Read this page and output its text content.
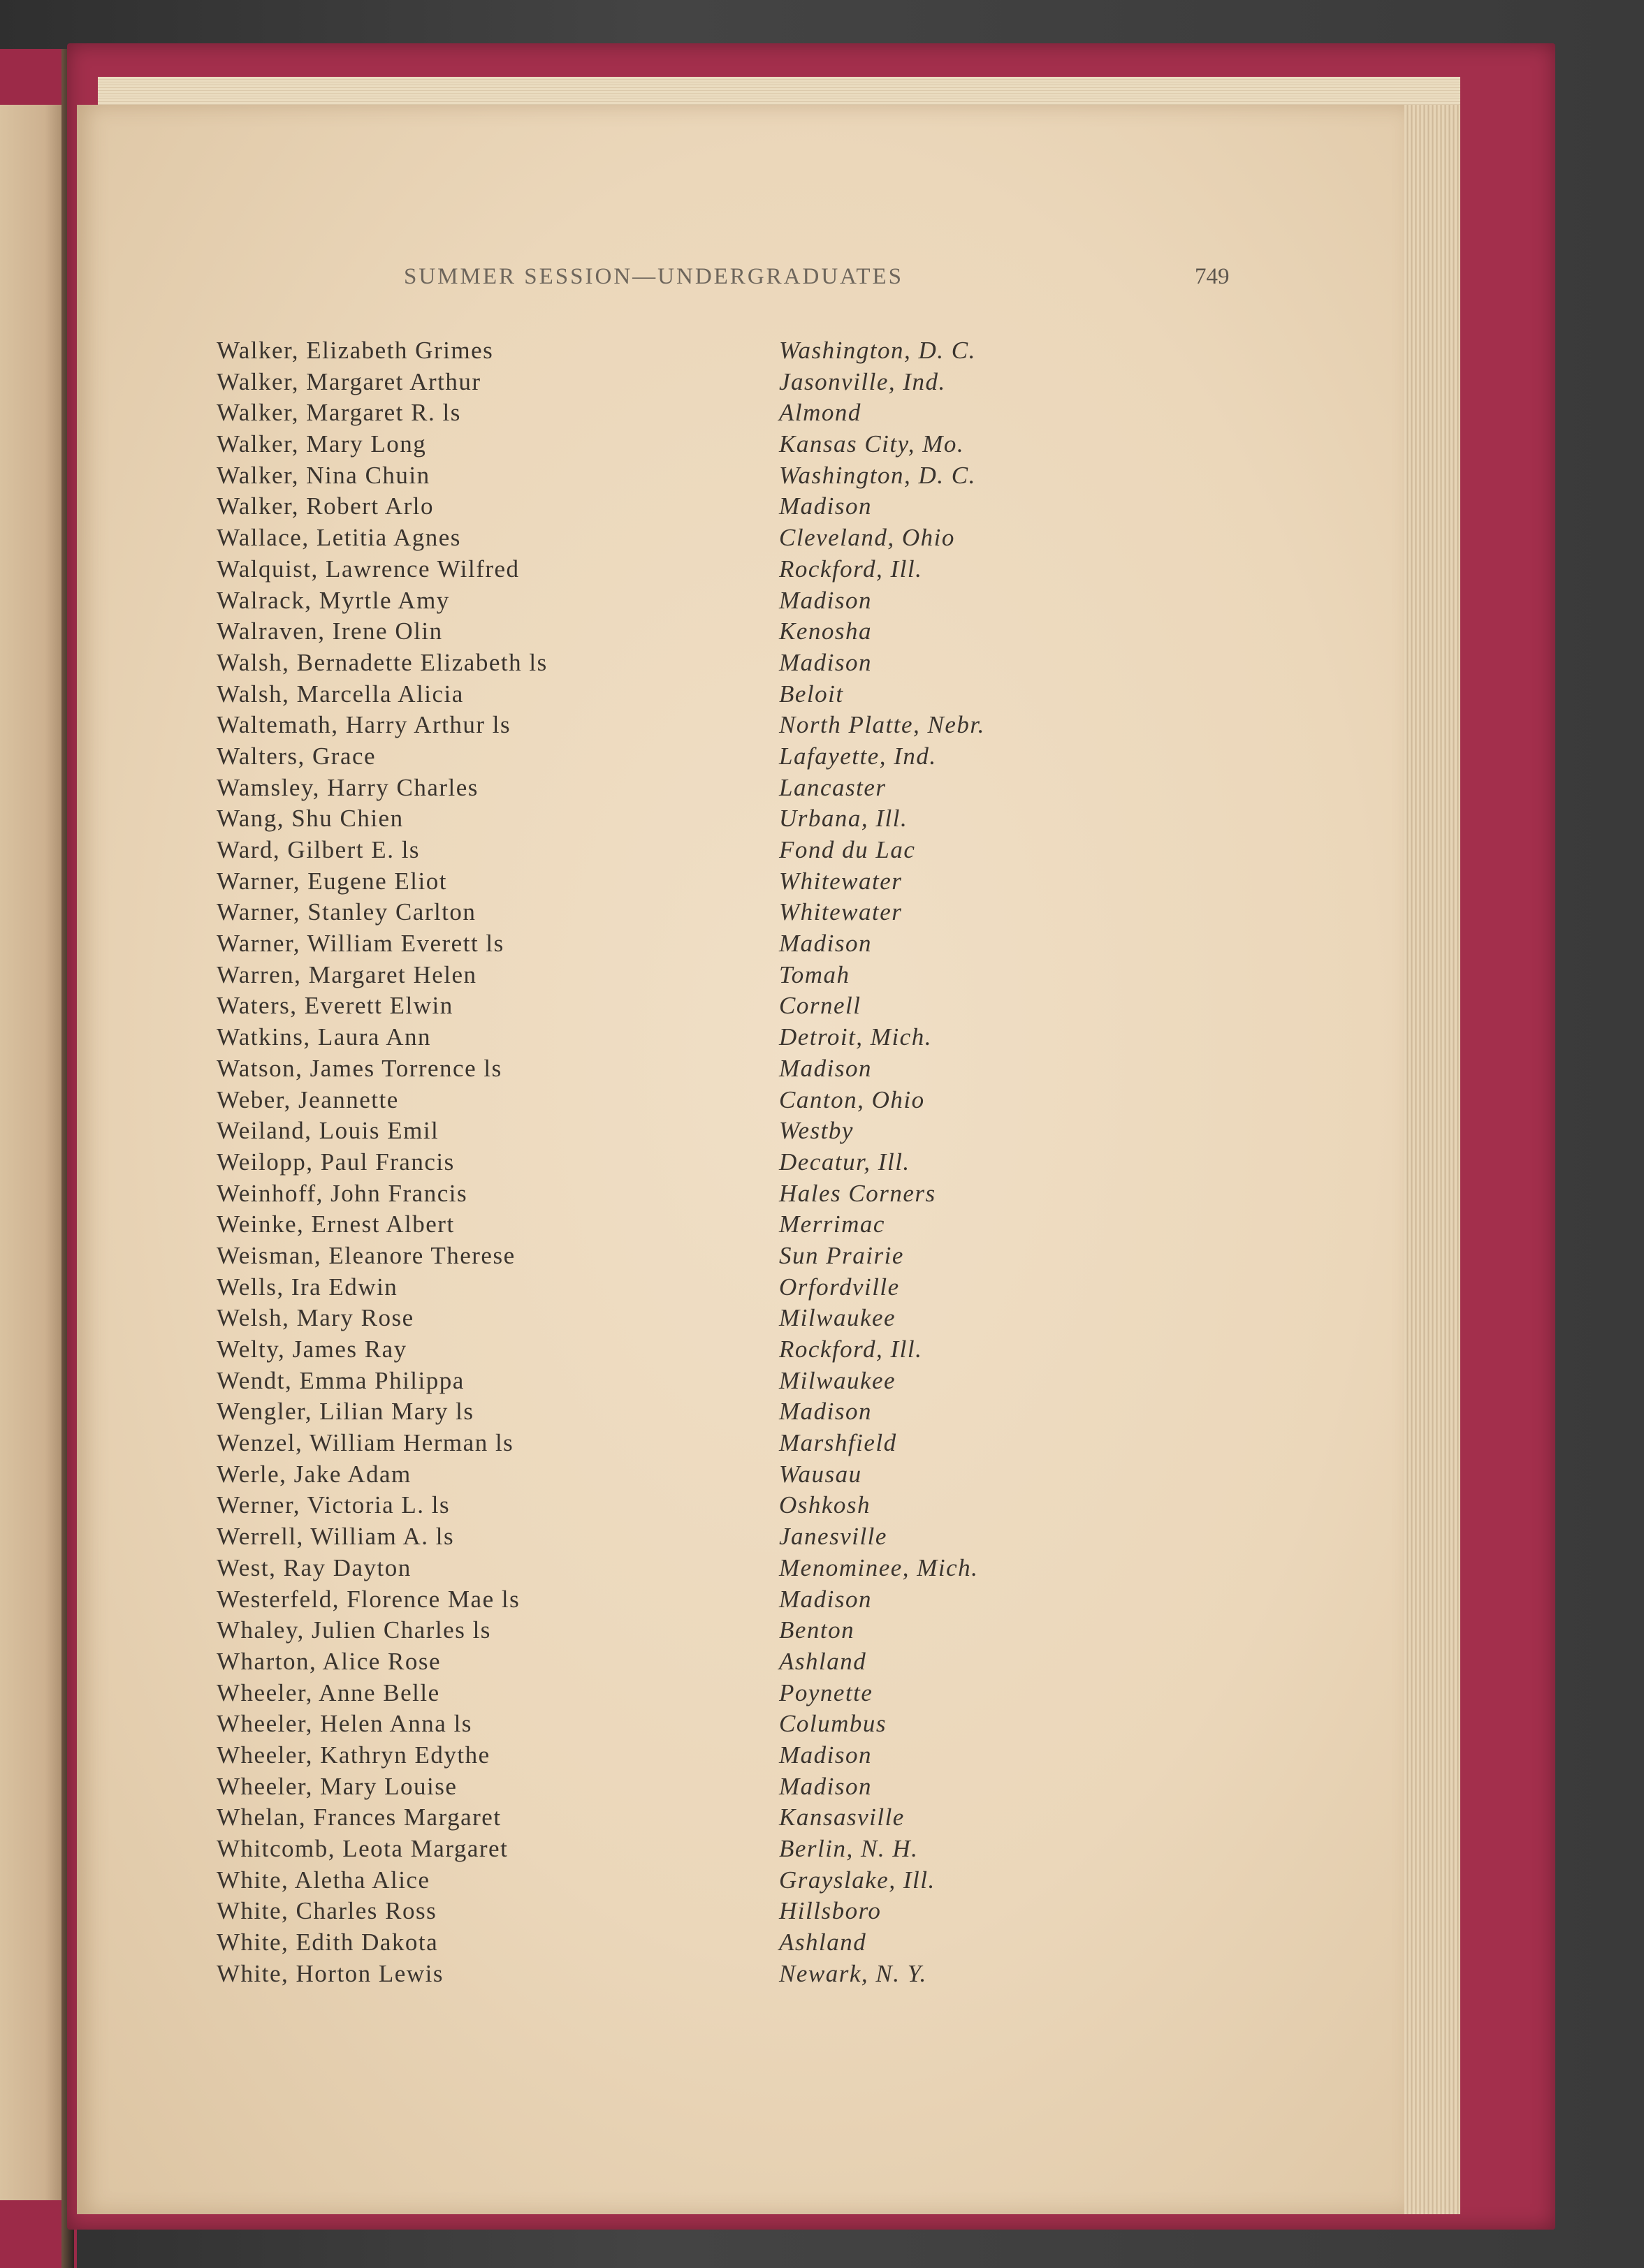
SUMMER SESSION—UNDERGRADUATES	749
Walker, Elizabeth Grimes	Washington, D. C.
Walker, Margaret Arthur	Jasonville, Ind.
Walker, Margaret R. ls	Almond
Walker, Mary Long	Kansas City, Mo.
Walker, Nina Chuin	Washington, D. C.
Walker, Robert Arlo	Madison
Wallace, Letitia Agnes	Cleveland, Ohio
Walquist, Lawrence Wilfred	Rockford, Ill.
Walrack, Myrtle Amy	Madison
Walraven, Irene Olin	Kenosha
Walsh, Bernadette Elizabeth ls	Madison
Walsh, Marcella Alicia	Beloit
Waltemath, Harry Arthur ls	North Platte, Nebr.
Walters, Grace	Lafayette, Ind.
Wamsley, Harry Charles	Lancaster
Wang, Shu Chien	Urbana, Ill.
Ward, Gilbert E. ls	Fond du Lac
Warner, Eugene Eliot	Whitewater
Warner, Stanley Carlton	Whitewater
Warner, William Everett ls	Madison
Warren, Margaret Helen	Tomah
Waters, Everett Elwin	Cornell
Watkins, Laura Ann	Detroit, Mich.
Watson, James Torrence ls	Madison
Weber, Jeannette	Canton, Ohio
Weiland, Louis Emil	Westby
Weilopp, Paul Francis	Decatur, Ill.
Weinhoff, John Francis	Hales Corners
Weinke, Ernest Albert	Merrimac
Weisman, Eleanore Therese	Sun Prairie
Wells, Ira Edwin	Orfordville
Welsh, Mary Rose	Milwaukee
Welty, James Ray	Rockford, Ill.
Wendt, Emma Philippa	Milwaukee
Wengler, Lilian Mary ls	Madison
Wenzel, William Herman ls	Marshfield
Werle, Jake Adam	Wausau
Werner, Victoria L. ls	Oshkosh
Werrell, William A. ls	Janesville
West, Ray Dayton	Menominee, Mich.
Westerfeld, Florence Mae ls	Madison
Whaley, Julien Charles ls	Benton
Wharton, Alice Rose	Ashland
Wheeler, Anne Belle	Poynette
Wheeler, Helen Anna ls	Columbus
Wheeler, Kathryn Edythe	Madison
Wheeler, Mary Louise	Madison
Whelan, Frances Margaret	Kansasville
Whitcomb, Leota Margaret	Berlin, N. H.
White, Aletha Alice	Grayslake, Ill.
White, Charles Ross	Hillsboro
White, Edith Dakota	Ashland
White, Horton Lewis	Newark, N. Y.
